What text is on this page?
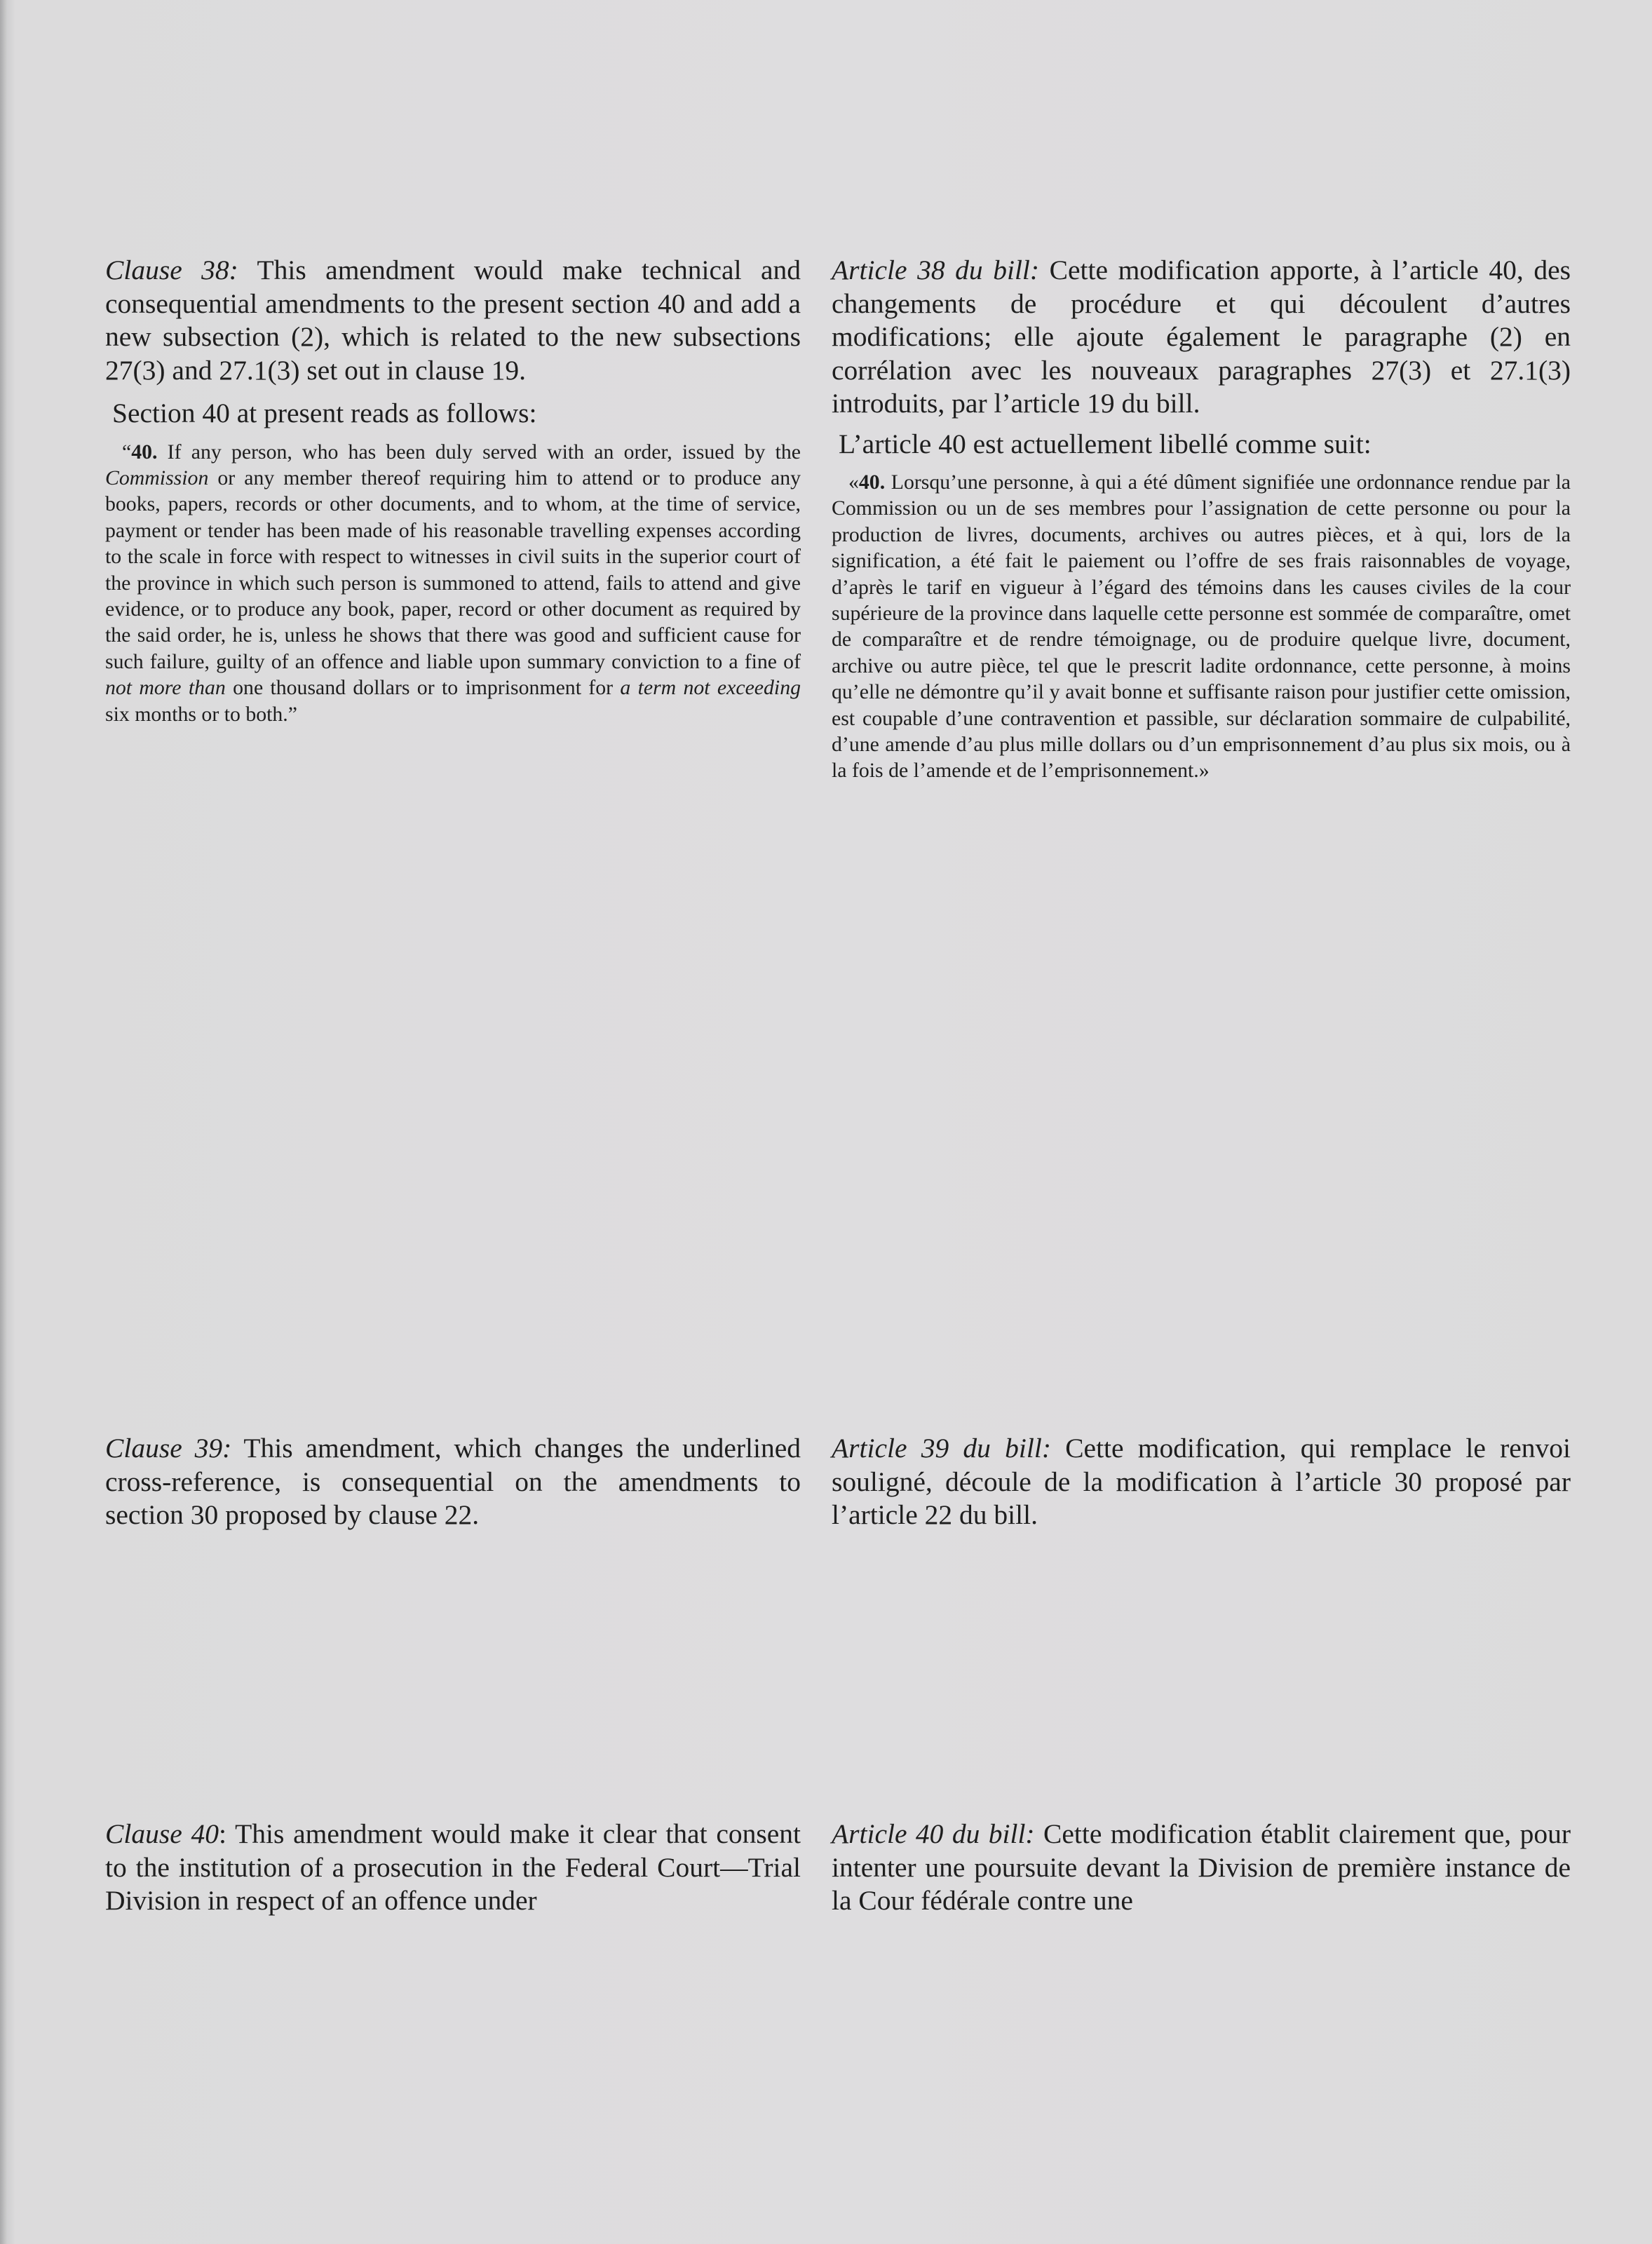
Clause 38: This amendment would make technical and consequential amendments to the present section 40 and add a new subsection (2), which is related to the new subsections 27(3) and 27.1(3) set out in clause 19.

Section 40 at present reads as follows:

“40. If any person, who has been duly served with an order, issued by the Commission or any member thereof requiring him to attend or to produce any books, papers, records or other documents, and to whom, at the time of service, payment or tender has been made of his reasonable travelling expenses according to the scale in force with respect to witnesses in civil suits in the superior court of the province in which such person is summoned to attend, fails to attend and give evidence, or to produce any book, paper, record or other document as required by the said order, he is, unless he shows that there was good and sufficient cause for such failure, guilty of an offence and liable upon summary conviction to a fine of not more than one thousand dollars or to imprisonment for a term not exceeding six months or to both.”

Article 38 du bill: Cette modification apporte, à l’article 40, des changements de procédure et qui découlent d’autres modifications; elle ajoute également le paragraphe (2) en corrélation avec les nouveaux paragraphes 27(3) et 27.1(3) introduits, par l’article 19 du bill.

L’article 40 est actuellement libellé comme suit:

«40. Lorsqu’une personne, à qui a été dûment signifiée une ordonnance rendue par la Commission ou un de ses membres pour l’assignation de cette personne ou pour la production de livres, documents, archives ou autres pièces, et à qui, lors de la signification, a été fait le paiement ou l’offre de ses frais raisonnables de voyage, d’après le tarif en vigueur à l’égard des témoins dans les causes civiles de la cour supérieure de la province dans laquelle cette personne est sommée de comparaître, omet de comparaître et de rendre témoignage, ou de produire quelque livre, document, archive ou autre pièce, tel que le prescrit ladite ordonnance, cette personne, à moins qu’elle ne démontre qu’il y avait bonne et suffisante raison pour justifier cette omission, est coupable d’une contravention et passible, sur déclaration sommaire de culpabilité, d’une amende d’au plus mille dollars ou d’un emprisonnement d’au plus six mois, ou à la fois de l’amende et de l’emprisonnement.»

Clause 39: This amendment, which changes the underlined cross-reference, is consequential on the amendments to section 30 proposed by clause 22.

Article 39 du bill: Cette modification, qui remplace le renvoi souligné, découle de la modification à l’article 30 proposé par l’article 22 du bill.

Clause 40: This amendment would make it clear that consent to the institution of a prosecution in the Federal Court—Trial Division in respect of an offence under

Article 40 du bill: Cette modification établit clairement que, pour intenter une poursuite devant la Division de première instance de la Cour fédérale contre une
